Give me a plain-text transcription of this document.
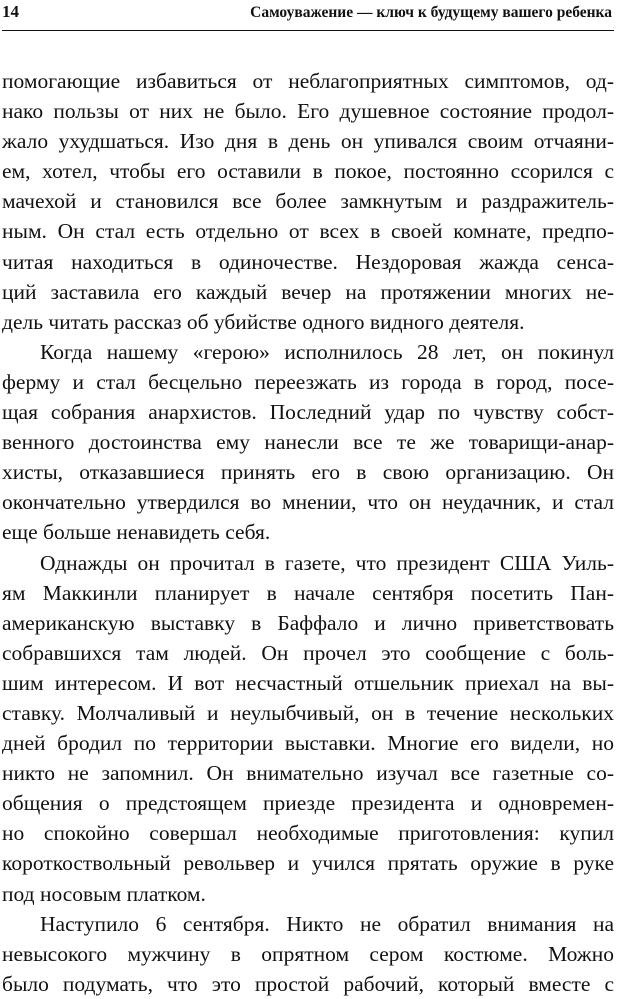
14	Самоуважение — ключ к будущему вашего ребенка
помогающие избавиться от неблагоприятных симптомов, од-
нако пользы от них не было. Его душевное состояние продол-
жало ухудшаться. Изо дня в день он упивался своим отчаяни-
ем, хотел, чтобы его оставили в покое, постоянно ссорился с
мачехой и становился все более замкнутым и раздражитель-
ным. Он стал есть отдельно от всех в своей комнате, предпо-
читая находиться в одиночестве. Нездоровая жажда сенса-
ций заставила его каждый вечер на протяжении многих не-
дель читать рассказ об убийстве одного видного деятеля.
Когда нашему «герою» исполнилось 28 лет, он покинул
ферму и стал бесцельно переезжать из города в город, посе-
щая собрания анархистов. Последний удар по чувству собст-
венного достоинства ему нанесли все те же товарищи-анар-
хисты, отказавшиеся принять его в свою организацию. Он
окончательно утвердился во мнении, что он неудачник, и стал
еще больше ненавидеть себя.
Однажды он прочитал в газете, что президент США Уиль-
ям Маккинли планирует в начале сентября посетить Пан-
американскую выставку в Баффало и лично приветствовать
собравшихся там людей. Он прочел это сообщение с боль-
шим интересом. И вот несчастный отшельник приехал на вы-
ставку. Молчаливый и неулыбчивый, он в течение нескольких
дней бродил по территории выставки. Многие его видели, но
никто не запомнил. Он внимательно изучал все газетные со-
общения о предстоящем приезде президента и одновремен-
но спокойно совершал необходимые приготовления: купил
короткоствольный револьвер и учился прятать оружие в руке
под носовым платком.
Наступило 6 сентября. Никто не обратил внимания на
невысокого мужчину в опрятном сером костюме. Можно
было подумать, что это простой рабочий, который вместе с
